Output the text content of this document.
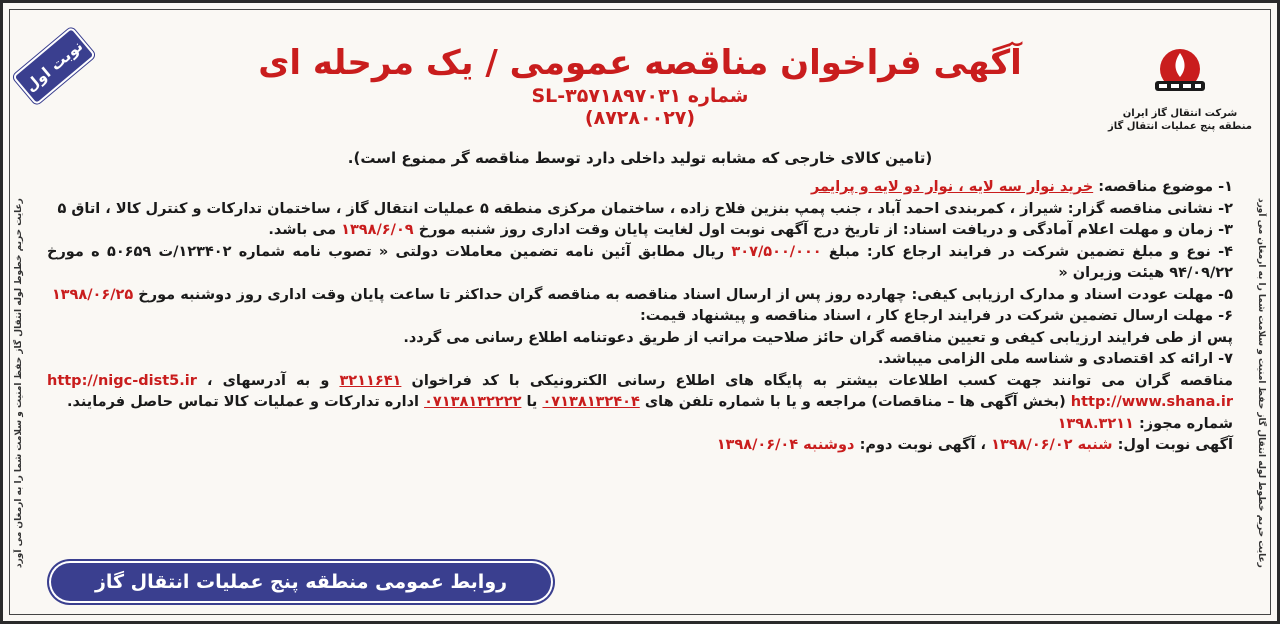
رعایت حریم خطوط لوله انتقال گاز حفظ امنیت و سلامت شما را به ارمغان می آورد	رعایت حریم خطوط لوله انتقال گاز حفظ امنیت و سلامت شما را به ارمغان می آورد
نوبت اول
شرکت انتقال گاز ایران
منطقه پنج عملیات انتقال گاز
آگهی فراخوان مناقصه عمومی / یک مرحله ای
شماره SL-۳۵۷۱۸۹۷۰۳۱
(۸۷۲۸۰۰۲۷)
(تامین کالای خارجی که مشابه تولید داخلی دارد توسط مناقصه گر ممنوع است).

۱- موضوع مناقصه: خرید نوار سه لایه ، نوار دو لایه و پرایمر

۲- نشانی مناقصه گزار: شیراز ، کمربندی احمد آباد ، جنب پمپ بنزین فلاح زاده ، ساختمان مرکزی منطقه ۵ عملیات انتقال گاز ، ساختمان تدارکات و کنترل کالا ، اتاق ۵

۳- زمان و مهلت اعلام آمادگی و دریافت اسناد: از تاریخ درج آگهی نوبت اول لغایت پایان وقت اداری روز شنبه مورخ ۱۳۹۸/۶/۰۹ می باشد.

۴- نوع و مبلغ تضمین شرکت در فرایند ارجاع کار: مبلغ ۳۰۷/۵۰۰/۰۰۰ ریال مطابق آئین نامه تضمین معاملات دولتی « تصوب نامه شماره ۱۲۳۴۰۲/ت ۵۰۶۵۹ ه مورخ ۹۴/۰۹/۲۲ هیئت وزیران «

۵- مهلت عودت اسناد و مدارک ارزیابی کیفی: چهارده روز پس از ارسال اسناد مناقصه به مناقصه گران حداکثر تا ساعت پایان وقت اداری روز دوشنبه مورخ ۱۳۹۸/۰۶/۲۵

۶- مهلت ارسال تضمین شرکت در فرایند ارجاع کار ، اسناد مناقصه و پیشنهاد قیمت:

پس از طی فرایند ارزیابی کیفی و تعیین مناقصه گران حائز صلاحیت مراتب از طریق دعوتنامه اطلاع رسانی می گردد.

۷- ارائه کد اقتصادی و شناسه ملی الزامی میباشد.

مناقصه گران می توانند جهت کسب اطلاعات بیشتر به پایگاه های اطلاع رسانی الکترونیکی با کد فراخوان ۳۲۱۱۶۴۱ و به آدرسهای ، http://nigc-dist5.ir http://www.shana.ir (بخش آگهی ها – مناقصات) مراجعه و یا با شماره تلفن های ۰۷۱۳۸۱۳۲۴۰۴ یا ۰۷۱۳۸۱۳۲۲۲۲ اداره تدارکات و عملیات کالا تماس حاصل فرمایند.

شماره مجوز: ۱۳۹۸.۳۲۱۱

آگهی نوبت اول: شنبه ۱۳۹۸/۰۶/۰۲ ، آگهی نوبت دوم: دوشنبه ۱۳۹۸/۰۶/۰۴

روابط عمومی منطقه پنج عملیات انتقال گاز
